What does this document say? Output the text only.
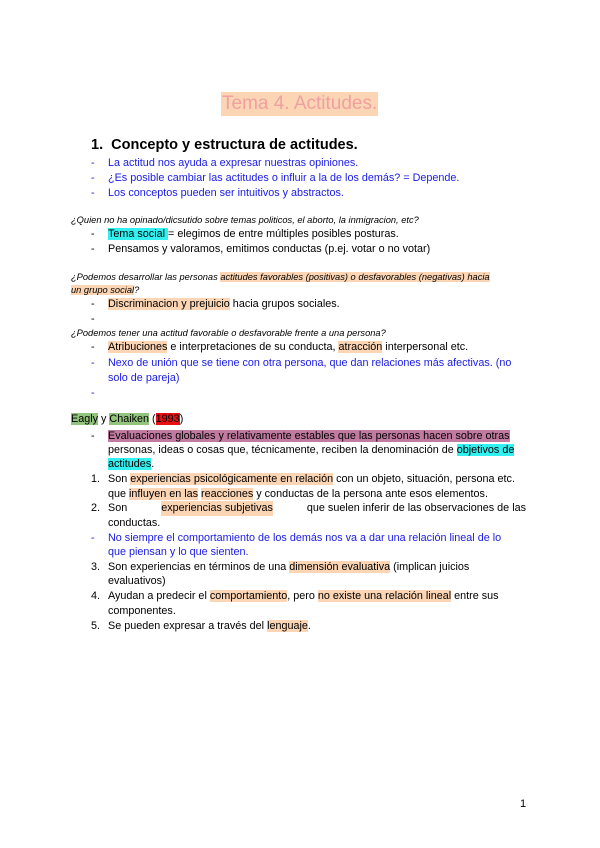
Tema 4. Actitudes.
1. Concepto y estructura de actitudes.
- La actitud nos ayuda a expresar nuestras opiniones.
- ¿Es posible cambiar las actitudes o influir a la de los demás? = Depende.
- Los conceptos pueden ser intuitivos y abstractos.
¿Quien no ha opinado/dicsutido sobre temas politicos, el aborto, la inmigracion, etc?
- Tema social = elegimos de entre múltiples posibles posturas.
- Pensamos y valoramos, emitimos conductas (p.ej. votar o no votar)
¿Podemos desarrollar las personas actitudes favorables (positivas) o desfavorables (negativas) hacia
un grupo social?
- Discriminacion y prejuicio hacia grupos sociales.
-
¿Podemos tener una actitud favorable o desfavorable frente a una persona?
- Atribuciones e interpretaciones de su conducta, atracción interpersonal etc.
- Nexo de unión que se tiene con otra persona, que dan relaciones más afectivas. (no
solo de pareja)
-
Eagly y Chaiken (1993)
- Evaluaciones globales y relativamente estables que las personas hacen sobre otras
personas, ideas o cosas que, técnicamente, reciben la denominación de objetivos de
actitudes.
1. Son experiencias psicológicamente en relación con un objeto, situación, persona etc.
que influyen en las reacciones y conductas de la persona ante esos elementos.
2. Son	experiencias subjetivas	que suelen inferir de las observaciones de las
conductas.
- No siempre el comportamiento de los demás nos va a dar una relación lineal de lo
que piensan y lo que sienten.
3. Son experiencias en términos de una dimensión evaluativa (implican juicios
evaluativos)
4. Ayudan a predecir el comportamiento, pero no existe una relación lineal entre sus
componentes.
5. Se pueden expresar a través del lenguaje.
1
